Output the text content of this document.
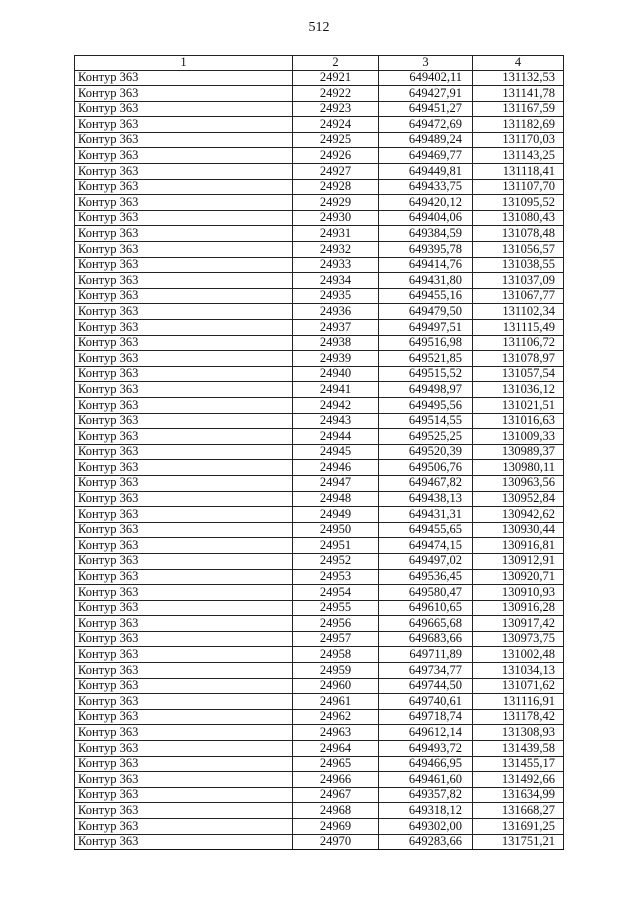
512
1	2	3	4
Контур 363	24921	649402,11	131132,53
Контур 363	24922	649427,91	131141,78
Контур 363	24923	649451,27	131167,59
Контур 363	24924	649472,69	131182,69
Контур 363	24925	649489,24	131170,03
Контур 363	24926	649469,77	131143,25
Контур 363	24927	649449,81	131118,41
Контур 363	24928	649433,75	131107,70
Контур 363	24929	649420,12	131095,52
Контур 363	24930	649404,06	131080,43
Контур 363	24931	649384,59	131078,48
Контур 363	24932	649395,78	131056,57
Контур 363	24933	649414,76	131038,55
Контур 363	24934	649431,80	131037,09
Контур 363	24935	649455,16	131067,77
Контур 363	24936	649479,50	131102,34
Контур 363	24937	649497,51	131115,49
Контур 363	24938	649516,98	131106,72
Контур 363	24939	649521,85	131078,97
Контур 363	24940	649515,52	131057,54
Контур 363	24941	649498,97	131036,12
Контур 363	24942	649495,56	131021,51
Контур 363	24943	649514,55	131016,63
Контур 363	24944	649525,25	131009,33
Контур 363	24945	649520,39	130989,37
Контур 363	24946	649506,76	130980,11
Контур 363	24947	649467,82	130963,56
Контур 363	24948	649438,13	130952,84
Контур 363	24949	649431,31	130942,62
Контур 363	24950	649455,65	130930,44
Контур 363	24951	649474,15	130916,81
Контур 363	24952	649497,02	130912,91
Контур 363	24953	649536,45	130920,71
Контур 363	24954	649580,47	130910,93
Контур 363	24955	649610,65	130916,28
Контур 363	24956	649665,68	130917,42
Контур 363	24957	649683,66	130973,75
Контур 363	24958	649711,89	131002,48
Контур 363	24959	649734,77	131034,13
Контур 363	24960	649744,50	131071,62
Контур 363	24961	649740,61	131116,91
Контур 363	24962	649718,74	131178,42
Контур 363	24963	649612,14	131308,93
Контур 363	24964	649493,72	131439,58
Контур 363	24965	649466,95	131455,17
Контур 363	24966	649461,60	131492,66
Контур 363	24967	649357,82	131634,99
Контур 363	24968	649318,12	131668,27
Контур 363	24969	649302,00	131691,25
Контур 363	24970	649283,66	131751,21
